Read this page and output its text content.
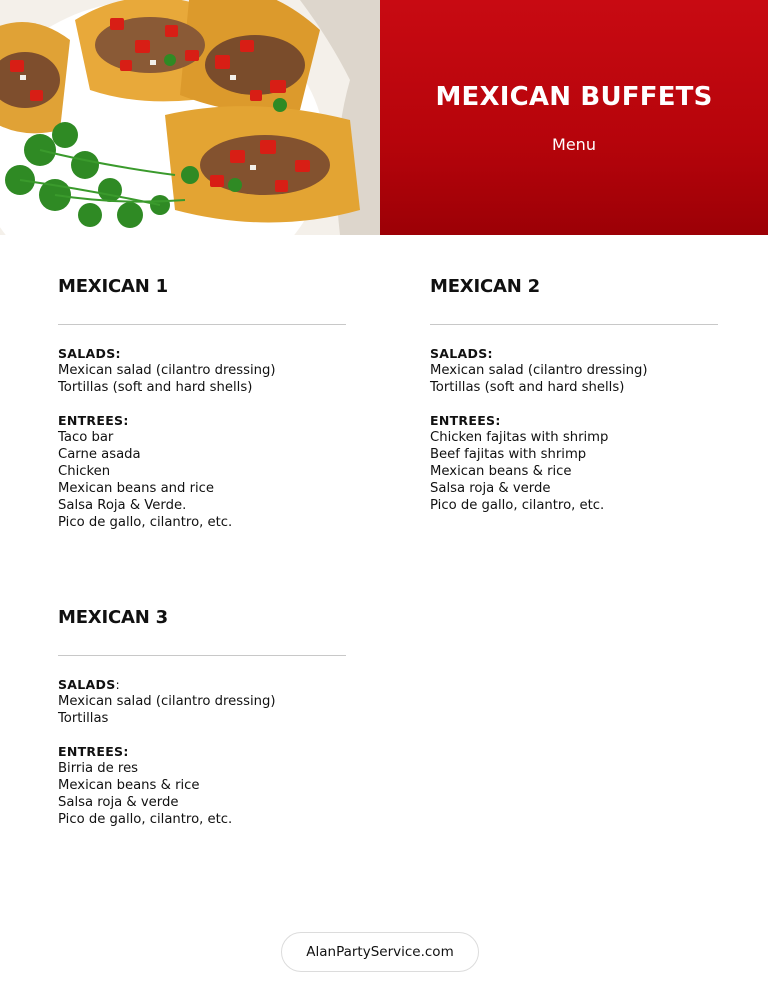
MEXICAN BUFFETS
Menu
MEXICAN 1
SALADS:
Mexican salad (cilantro dressing)
Tortillas (soft and hard shells)
ENTREES:
Taco bar
Carne asada
Chicken
Mexican beans and rice
Salsa Roja & Verde.
Pico de gallo, cilantro, etc.
MEXICAN 2
SALADS:
Mexican salad (cilantro dressing)
Tortillas (soft and hard shells)
ENTREES:
Chicken fajitas with shrimp
Beef fajitas with shrimp
Mexican beans & rice
Salsa roja & verde
Pico de gallo, cilantro, etc.
MEXICAN 3
SALADS:
Mexican salad (cilantro dressing)
Tortillas
ENTREES:
Birria de res
Mexican beans & rice
Salsa roja & verde
Pico de gallo, cilantro, etc.
AlanPartyService.com
